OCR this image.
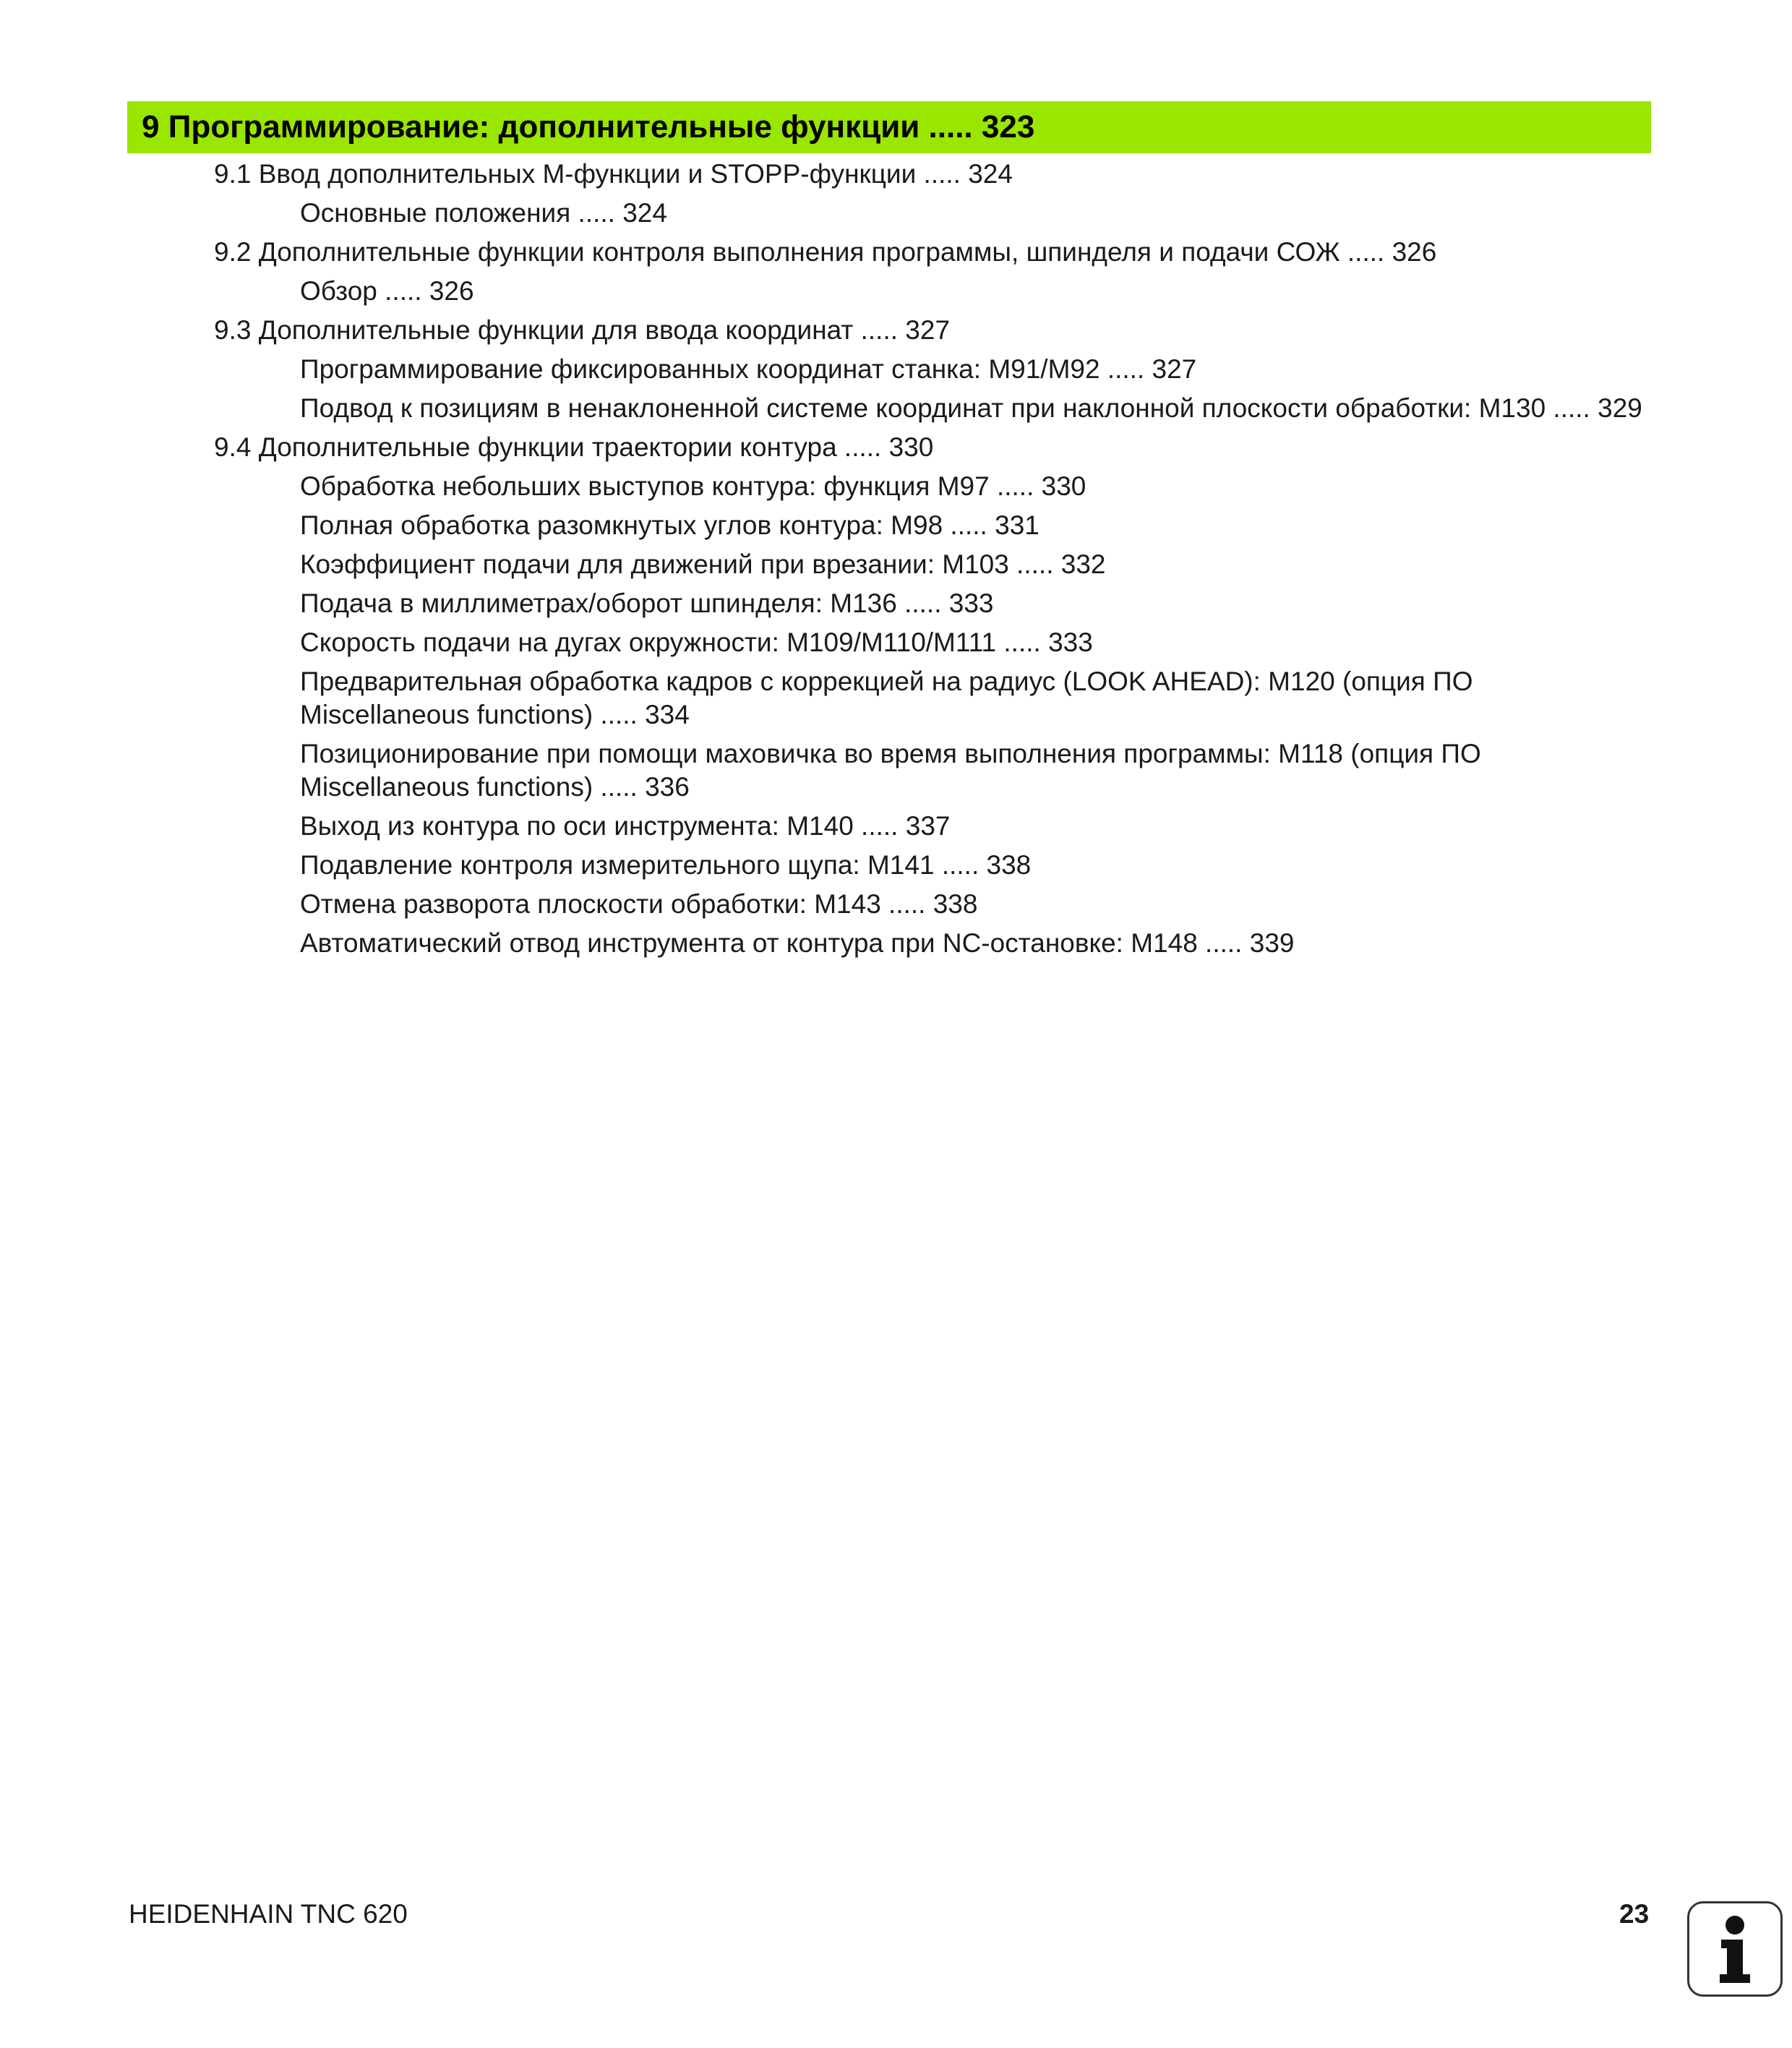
9 Программирование: дополнительные функции ..... 323

9.1 Ввод дополнительных М-функции и STOPP-функции ..... 324

Основные положения ..... 324

9.2 Дополнительные функции контроля выполнения программы, шпинделя и подачи СОЖ ..... 326

Обзор ..... 326

9.3 Дополнительные функции для ввода координат ..... 327

Программирование фиксированных координат станка: M91/M92 ..... 327

Подвод к позициям в ненаклоненной системе координат при наклонной плоскости обработки: M130 ..... 329

9.4 Дополнительные функции траектории контура ..... 330

Обработка небольших выступов контура: функция M97 ..... 330

Полная обработка разомкнутых углов контура: M98 ..... 331

Коэффициент подачи для движений при врезании: M103 ..... 332

Подача в миллиметрах/оборот шпинделя: M136 ..... 333

Скорость подачи на дугах окружности: M109/M110/M111 ..... 333

Предварительная обработка кадров с коррекцией на радиус (LOOK AHEAD): M120 (опция ПО Miscellaneous functions) ..... 334

Позиционирование при помощи маховичка во время выполнения программы: M118 (опция ПО Miscellaneous functions) ..... 336

Выход из контура по оси инструмента: M140 ..... 337

Подавление контроля измерительного щупа: M141 ..... 338

Отмена разворота плоскости обработки: M143 ..... 338

Автоматический отвод инструмента от контура при NC-остановке: M148 ..... 339

HEIDENHAIN TNC 620	23
